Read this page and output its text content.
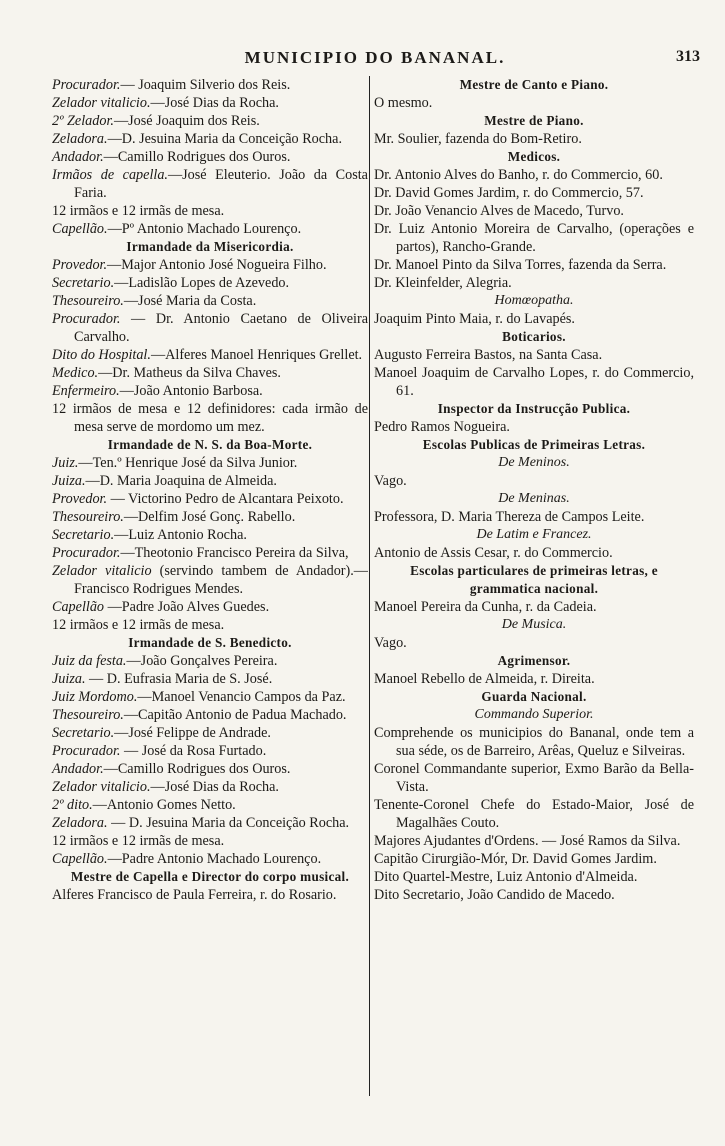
MUNICIPIO DO BANANAL.	313
Procurador.— Joaquim Silverio dos Reis.
Zelador vitalicio.—José Dias da Rocha.
2º Zelador.—José Joaquim dos Reis.
Zeladora.—D. Jesuina Maria da Conceição Rocha.
Andador.—Camillo Rodrigues dos Ouros.
Irmãos de capella.—José Eleuterio. João da Costa Faria.
12 irmãos e 12 irmãs de mesa.
Capellão.—Pº Antonio Machado Lourenço.
Irmandade da Misericordia.
Provedor.—Major Antonio José Nogueira Filho.
Secretario.—Ladislão Lopes de Azevedo.
Thesoureiro.—José Maria da Costa.
Procurador. — Dr. Antonio Caetano de Oliveira Carvalho.
Dito do Hospital.—Alferes Manoel Henriques Grellet.
Medico.—Dr. Matheus da Silva Chaves.
Enfermeiro.—João Antonio Barbosa.
12 irmãos de mesa e 12 definidores: cada irmão de mesa serve de mordomo um mez.
Irmandade de N. S. da Boa-Morte.
Juiz.—Ten.º Henrique José da Silva Junior.
Juiza.—D. Maria Joaquina de Almeida.
Provedor. — Victorino Pedro de Alcantara Peixoto.
Thesoureiro.—Delfim José Gonç. Rabello.
Secretario.—Luiz Antonio Rocha.
Procurador.—Theotonio Francisco Pereira da Silva,
Zelador vitalicio (servindo tambem de Andador).—Francisco Rodrigues Mendes.
Capellão —Padre João Alves Guedes.
12 irmãos e 12 irmãs de mesa.
Irmandade de S. Benedicto.
Juiz da festa.—João Gonçalves Pereira.
Juiza. — D. Eufrasia Maria de S. José.
Juiz Mordomo.—Manoel Venancio Campos da Paz.
Thesoureiro.—Capitão Antonio de Padua Machado.
Secretario.—José Felippe de Andrade.
Procurador. — José da Rosa Furtado.
Andador.—Camillo Rodrigues dos Ouros.
Zelador vitalicio.—José Dias da Rocha.
2º dito.—Antonio Gomes Netto.
Zeladora. — D. Jesuina Maria da Conceição Rocha.
12 irmãos e 12 irmãs de mesa.
Capellão.—Padre Antonio Machado Lourenço.
Mestre de Capella e Director do corpo musical.
Alferes Francisco de Paula Ferreira, r. do Rosario.
Mestre de Canto e Piano.
O mesmo.
Mestre de Piano.
Mr. Soulier, fazenda do Bom-Retiro.
Medicos.
Dr. Antonio Alves do Banho, r. do Commercio, 60.
Dr. David Gomes Jardim, r. do Commercio, 57.
Dr. João Venancio Alves de Macedo, Turvo.
Dr. Luiz Antonio Moreira de Carvalho, (operações e partos), Rancho-Grande.
Dr. Manoel Pinto da Silva Torres, fazenda da Serra.
Dr. Kleinfelder, Alegria.
Homœopatha.
Joaquim Pinto Maia, r. do Lavapés.
Boticarios.
Augusto Ferreira Bastos, na Santa Casa.
Manoel Joaquim de Carvalho Lopes, r. do Commercio, 61.
Inspector da Instrucção Publica.
Pedro Ramos Nogueira.
Escolas Publicas de Primeiras Letras.
De Meninos.
Vago.
De Meninas.
Professora, D. Maria Thereza de Campos Leite.
De Latim e Francez.
Antonio de Assis Cesar, r. do Commercio.
Escolas particulares de primeiras letras, e grammatica nacional.
Manoel Pereira da Cunha, r. da Cadeia.
De Musica.
Vago.
Agrimensor.
Manoel Rebello de Almeida, r. Direita.
Guarda Nacional.
Commando Superior.
Comprehende os municipios do Bananal, onde tem a sua séde, os de Barreiro, Arêas, Queluz e Silveiras.
Coronel Commandante superior, Exmo Barão da Bella-Vista.
Tenente-Coronel Chefe do Estado-Maior, José de Magalhães Couto.
Majores Ajudantes d'Ordens. — José Ramos da Silva.
Capitão Cirurgião-Mór, Dr. David Gomes Jardim.
Dito Quartel-Mestre, Luiz Antonio d'Almeida.
Dito Secretario, João Candido de Macedo.
